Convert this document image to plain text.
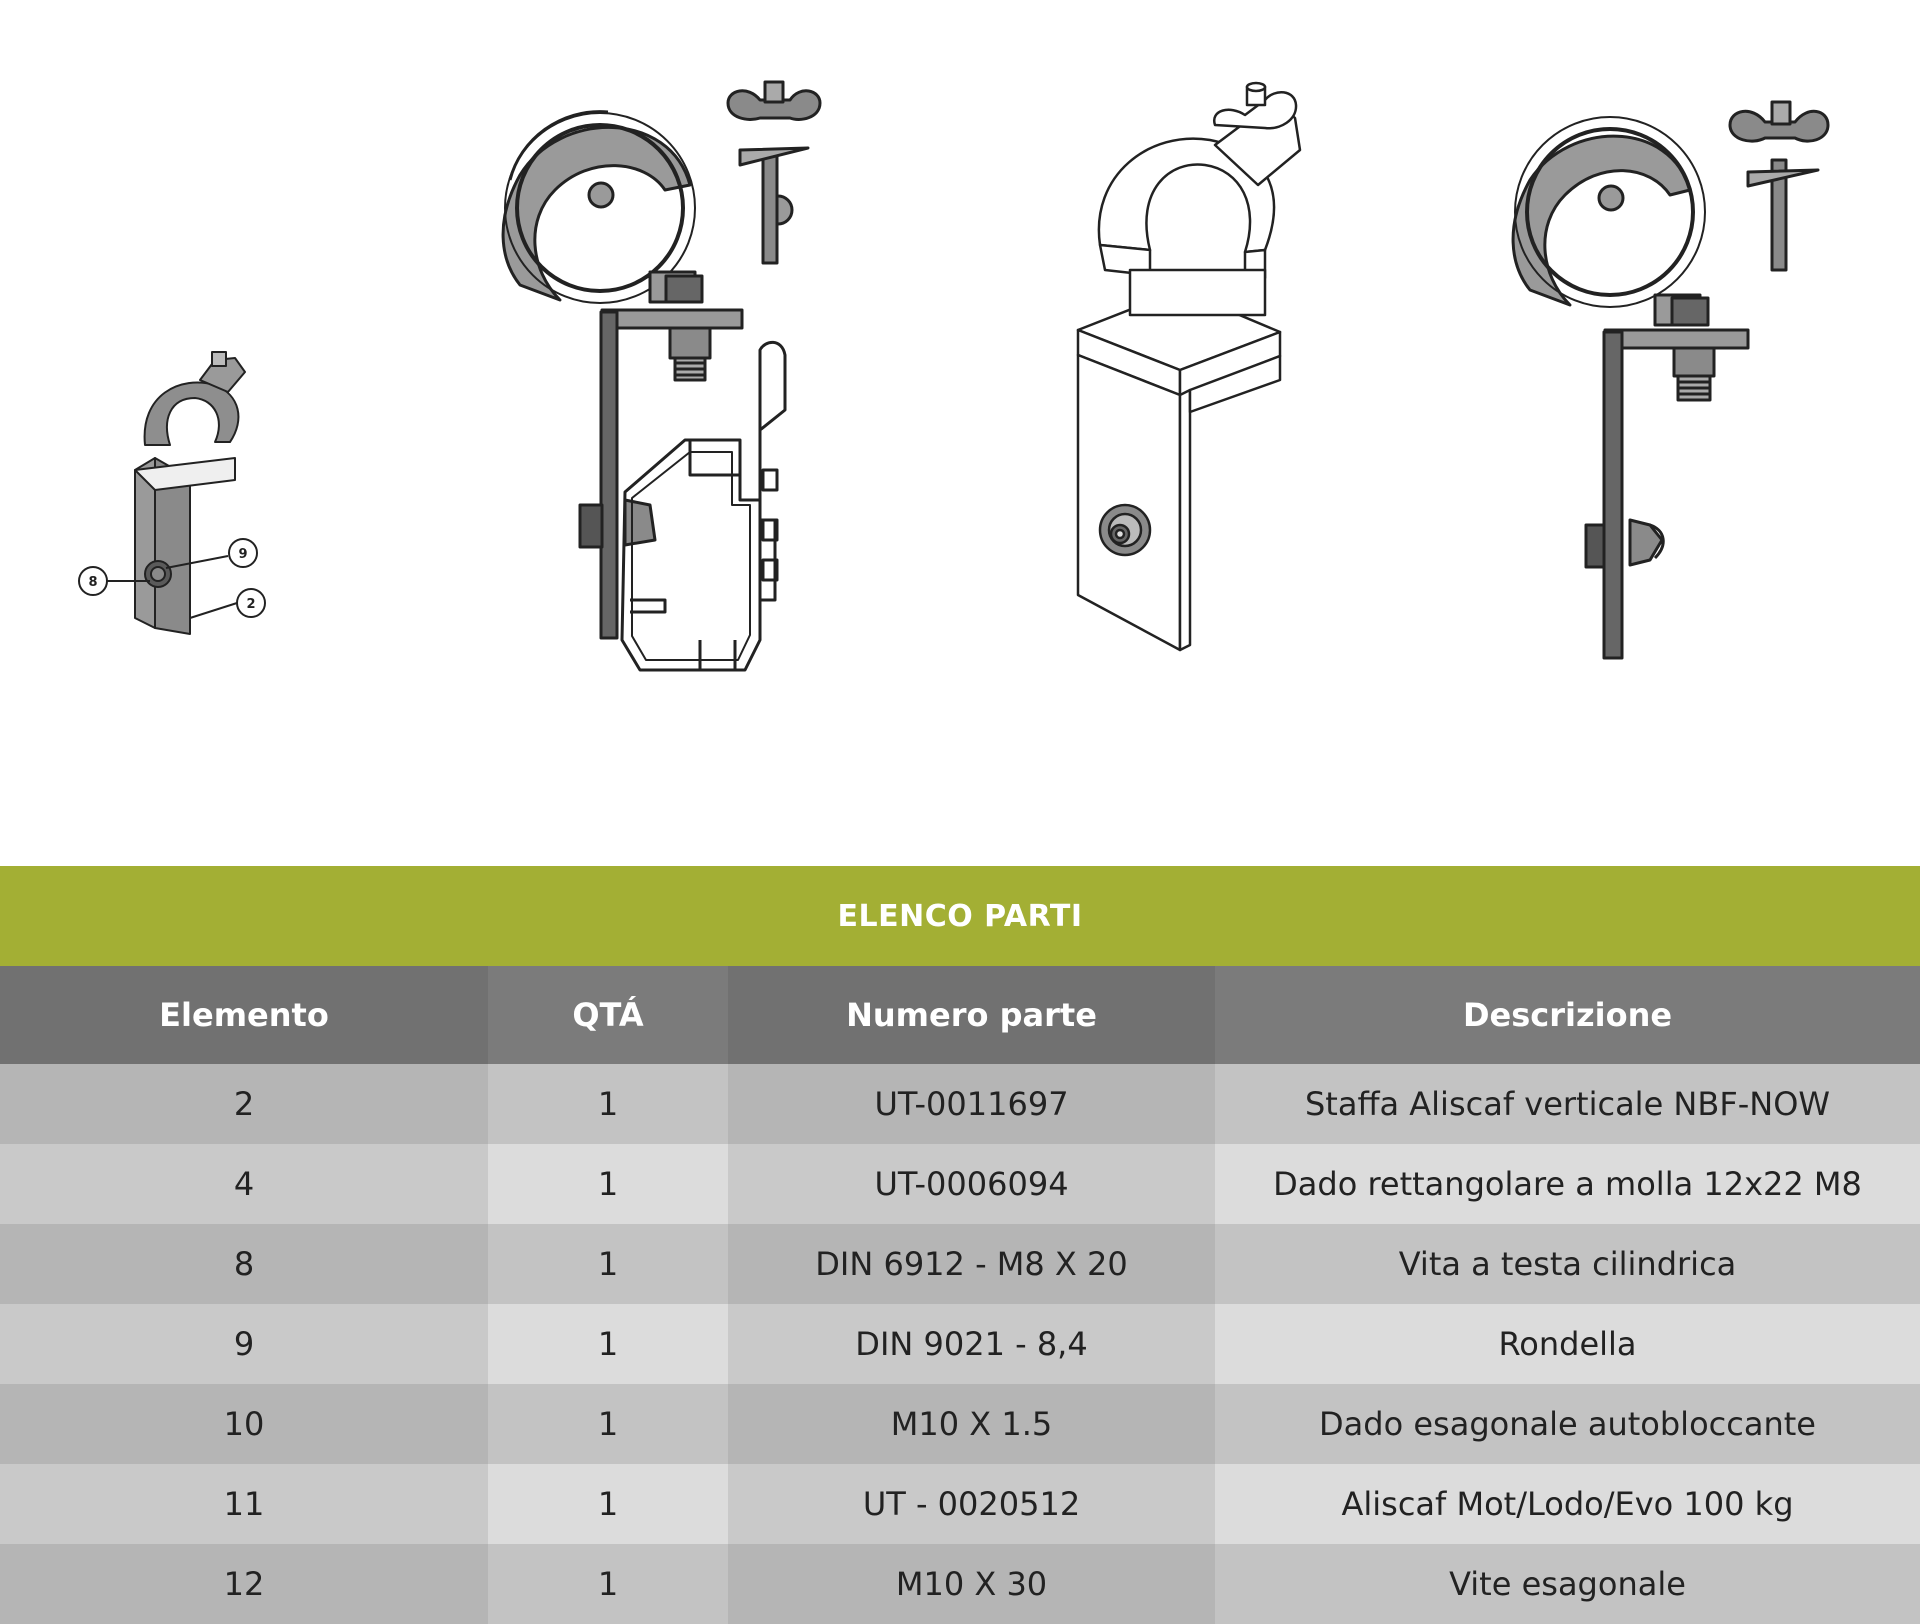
8
9
2
ELENCO PARTI
Elemento	QTÁ	Numero parte	Descrizione
2	1	UT-0011697	Staffa Aliscaf verticale NBF-NOW
4	1	UT-0006094	Dado rettangolare a molla 12x22 M8
8	1	DIN 6912 - M8 X 20	Vita a testa cilindrica
9	1	DIN 9021 - 8,4	Rondella
10	1	M10 X 1.5	Dado esagonale autobloccante
11	1	UT - 0020512	Aliscaf Mot/Lodo/Evo 100 kg
12	1	M10 X 30	Vite esagonale
